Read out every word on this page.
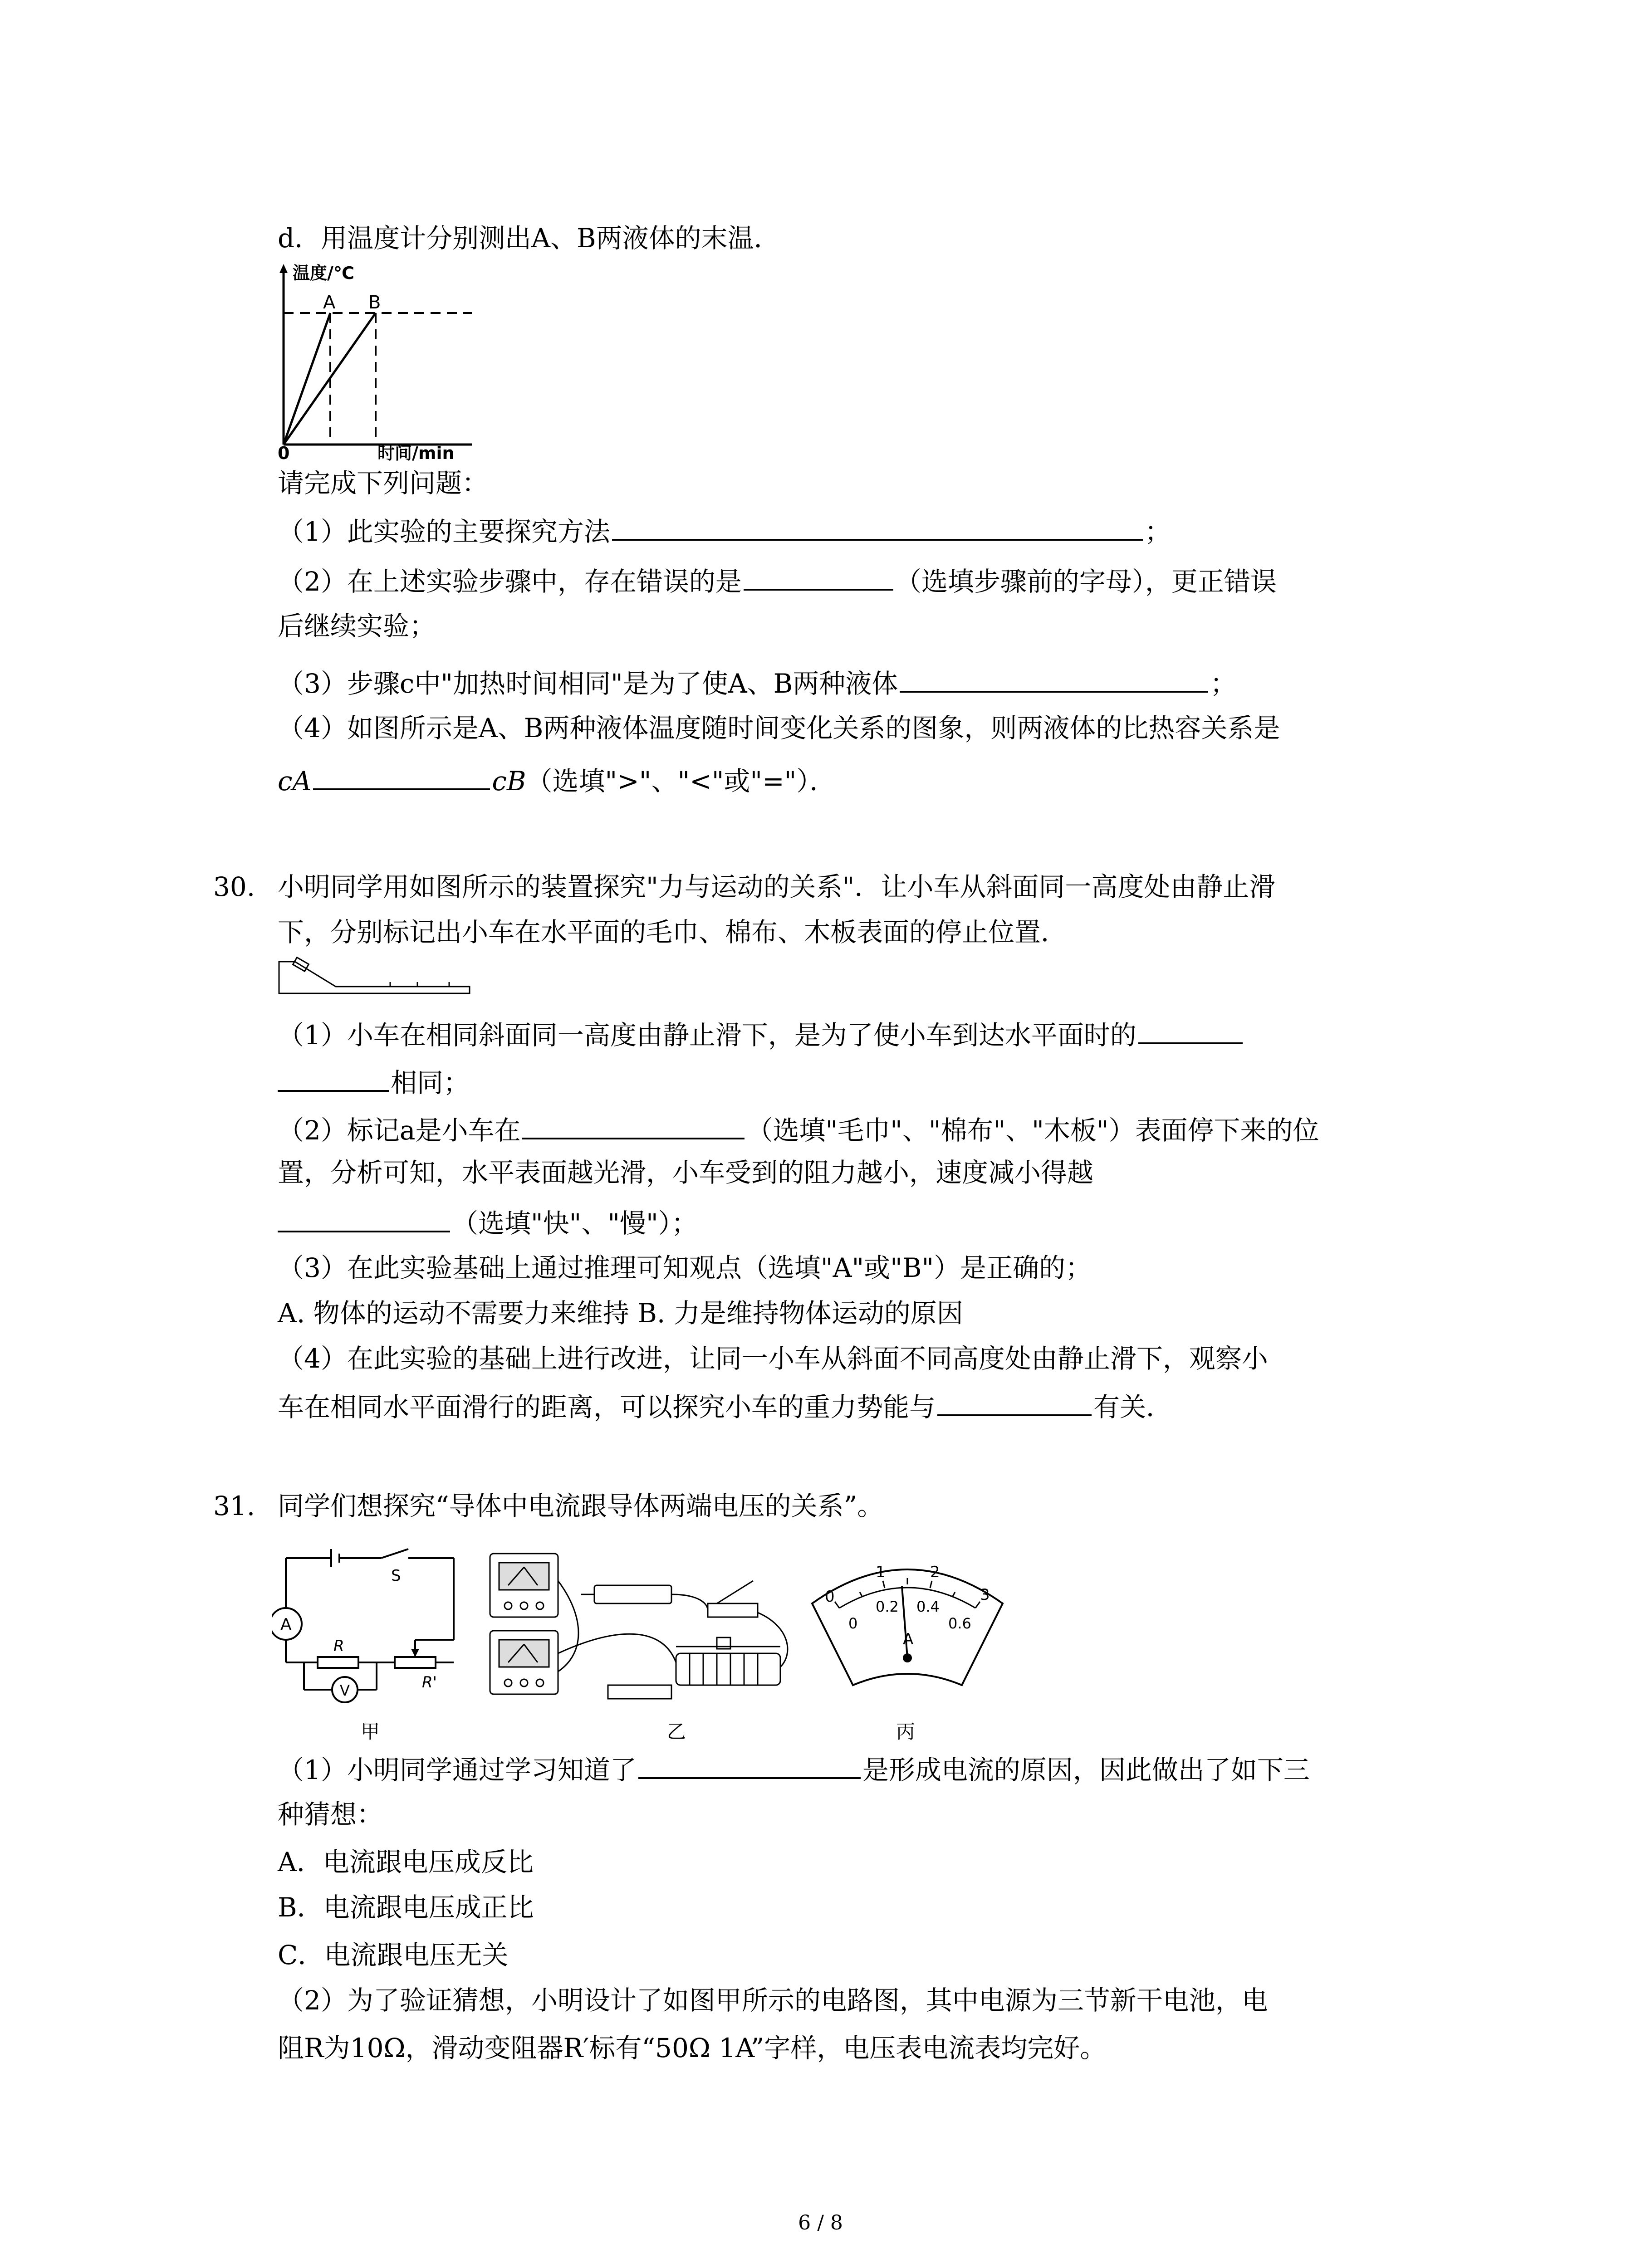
d．用温度计分别测出A、B两液体的末温．
温度/℃
A B
0	时间/min
请完成下列问题：
（1）此实验的主要探究方法	；
（2）在上述实验步骤中，存在错误的是	（选填步骤前的字母），更正错误
后继续实验；
（3）步骤c中"加热时间相同"是为了使A、B两种液体	；
（4）如图所示是A、B两种液体温度随时间变化关系的图象，则两液体的比热容关系是
cA	cB（选填">"、"<"或"="）．
30. 小明同学用如图所示的装置探究"力与运动的关系"．让小车从斜面同一高度处由静止滑
下，分别标记出小车在水平面的毛巾、棉布、木板表面的停止位置．
（1）小车在相同斜面同一高度由静止滑下，是为了使小车到达水平面时的
相同；
（2）标记a是小车在	（选填"毛巾"、"棉布"、"木板"）表面停下来的位
置，分析可知，水平表面越光滑，小车受到的阻力越小，速度减小得越
（选填"快"、"慢"）；
（3）在此实验基础上通过推理可知观点（选填"A"或"B"）是正确的；
A. 物体的运动不需要力来维持 B. 力是维持物体运动的原因
（4）在此实验的基础上进行改进，让同一小车从斜面不同高度处由静止滑下，观察小
车在相同水平面滑行的距离，可以探究小车的重力势能与	有关．
31. 同学们想探究“导体中电流跟导体两端电压的关系”。
A
S
R
V	R'
甲	乙
0
1	2
3
0
0.2 0.4
0.6
A
丙
（1）小明同学通过学习知道了	是形成电流的原因，因此做出了如下三
种猜想：
A．电流跟电压成反比
B．电流跟电压成正比
C．电流跟电压无关
（2）为了验证猜想，小明设计了如图甲所示的电路图，其中电源为三节新干电池，电
阻R为10Ω，滑动变阻器R′标有“50Ω 1A”字样，电压表电流表均完好。
6 / 8
